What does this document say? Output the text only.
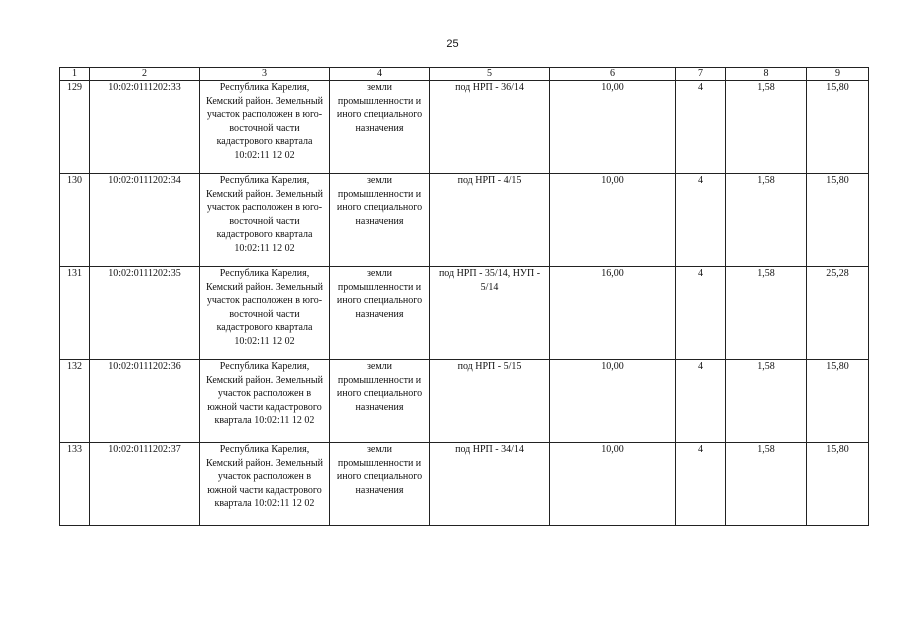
25
1	2	3	4	5	6	7	8	9
129	10:02:0111202:33	Республика Карелия, Кемский район. Земельный участок расположен в юго-восточной части кадастрового квартала 10:02:11 12 02	земли промышленности и иного специального назначения	под НРП - 36/14	10,00	4	1,58	15,80
130	10:02:0111202:34	Республика Карелия, Кемский район. Земельный участок расположен в юго-восточной части кадастрового квартала 10:02:11 12 02	земли промышленности и иного специального назначения	под НРП - 4/15	10,00	4	1,58	15,80
131	10:02:0111202:35	Республика Карелия, Кемский район. Земельный участок расположен в юго-восточной части кадастрового квартала 10:02:11 12 02	земли промышленности и иного специального назначения	под НРП - 35/14, НУП - 5/14	16,00	4	1,58	25,28
132	10:02:0111202:36	Республика Карелия, Кемский район. Земельный участок расположен в южной части кадастрового квартала 10:02:11 12 02	земли промышленности и иного специального назначения	под НРП - 5/15	10,00	4	1,58	15,80
133	10:02:0111202:37	Республика Карелия, Кемский район. Земельный участок расположен в южной части кадастрового квартала 10:02:11 12 02	земли промышленности и иного специального назначения	под НРП - 34/14	10,00	4	1,58	15,80
